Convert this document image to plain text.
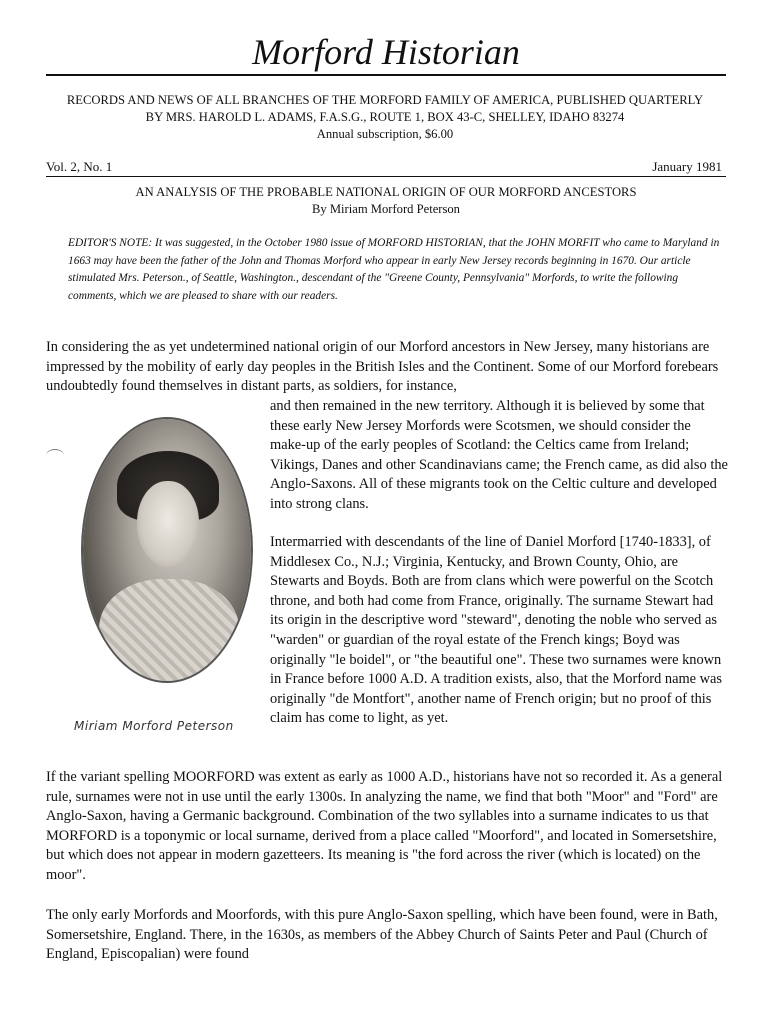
Morford Historian
RECORDS AND NEWS OF ALL BRANCHES OF THE MORFORD FAMILY OF AMERICA, PUBLISHED QUARTERLY
BY MRS. HAROLD L. ADAMS, F.A.S.G., ROUTE 1, BOX 43-C, SHELLEY, IDAHO 83274
Annual subscription, $6.00
Vol. 2, No. 1	January 1981
AN ANALYSIS OF THE PROBABLE NATIONAL ORIGIN OF OUR MORFORD ANCESTORS
By Miriam Morford Peterson

EDITOR'S NOTE: It was suggested, in the October 1980 issue of MORFORD HISTORIAN, that the JOHN MORFIT who came to Maryland in 1663 may have been the father of the John and Thomas Morford who appear in early New Jersey records beginning in 1670. Our article stimulated Mrs. Peterson., of Seattle, Washington., descendant of the "Greene County, Pennsylvania" Morfords, to write the following comments, which we are pleased to share with our readers.

In considering the as yet undetermined national origin of our Morford ancestors in New Jersey, many historians are impressed by the mobility of early day peoples in the British Isles and the Continent. Some of our Morford forebears undoubtedly found themselves in distant parts, as soldiers, for instance,

Miriam Morford Peterson

and then remained in the new territory. Although it is believed by some that these early New Jersey Morfords were Scotsmen, we should consider the make-up of the early peoples of Scotland: the Celtics came from Ireland; Vikings, Danes and other Scandinavians came; the French came, as did also the Anglo-Saxons. All of these migrants took on the Celtic culture and developed into strong clans.

Intermarried with descendants of the line of Daniel Morford [1740-1833], of Middlesex Co., N.J.; Virginia, Kentucky, and Brown County, Ohio, are Stewarts and Boyds. Both are from clans which were powerful on the Scotch throne, and both had come from France, originally. The surname Stewart had its origin in the descriptive word "steward", denoting the noble who served as "warden" or guardian of the royal estate of the French kings; Boyd was originally "le boidel", or "the beautiful one". These two surnames were known in France before 1000 A.D. A tradition exists, also, that the Morford name was originally "de Montfort", another name of French origin; but no proof of this claim has come to light, as yet.

If the variant spelling MOORFORD was extent as early as 1000 A.D., historians have not so recorded it. As a general rule, surnames were not in use until the early 1300s. In analyzing the name, we find that both "Moor" and "Ford" are Anglo-Saxon, having a Germanic background. Combination of the two syllables into a surname indicates to us that MORFORD is a toponymic or local surname, derived from a place called "Moorford", and located in Somersetshire, but which does not appear in modern gazetteers. Its meaning is "the ford across the river (which is located) on the moor".

The only early Morfords and Moorfords, with this pure Anglo-Saxon spelling, which have been found, were in Bath, Somersetshire, England. There, in the 1630s, as members of the Abbey Church of Saints Peter and Paul (Church of England, Episcopalian) were found
